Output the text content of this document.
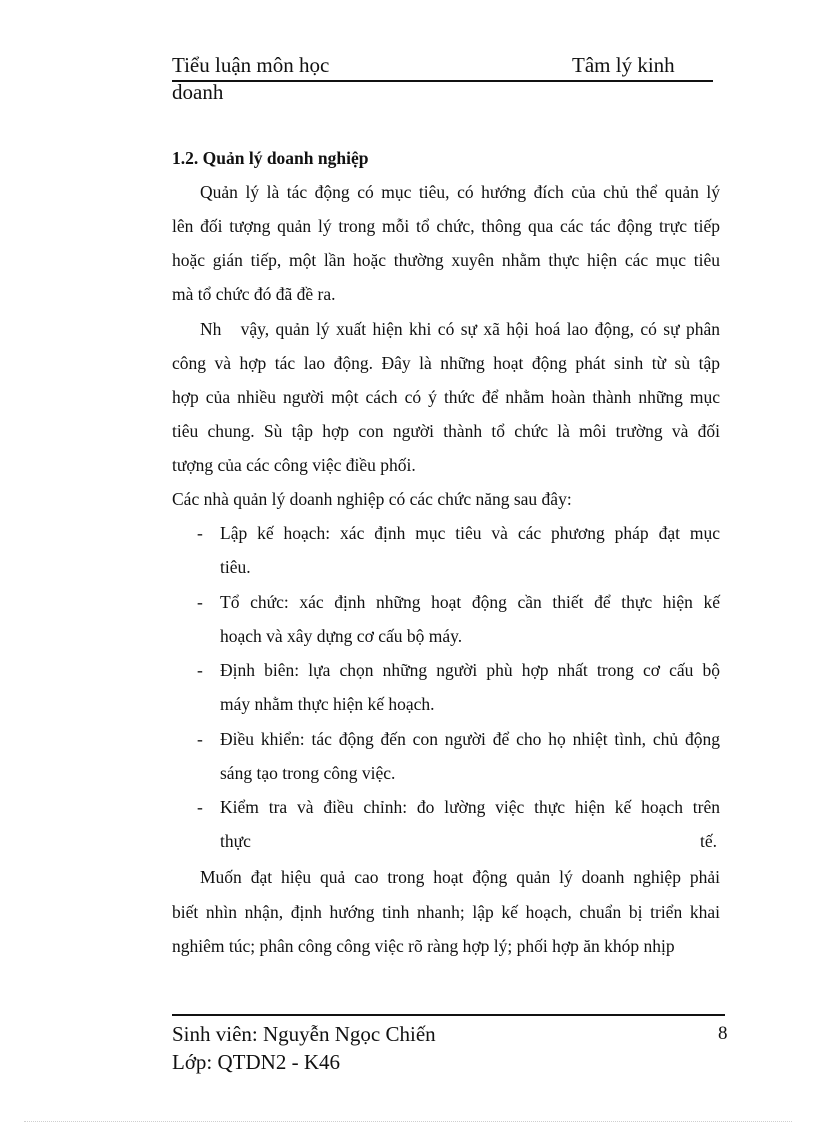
Tiểu luận môn học	Tâm lý kinh
doanh
1.2. Quản lý doanh nghiệp
Quản lý là tác động có mục tiêu, có hướng đích của chủ thể quản lý
lên đối tượng quản lý trong mỗi tổ chức, thông qua các tác động trực tiếp
hoặc gián tiếp, một lần hoặc thường xuyên nhằm thực hiện các mục tiêu
mà tổ chức đó đã đề ra.
Nh   vậy, quản lý xuất hiện khi có sự xã hội hoá lao động, có sự phân
công và hợp tác lao động. Đây là những hoạt động phát sinh từ sù tập
hợp của nhiều người một cách có ý thức để nhằm hoàn thành những mục
tiêu chung. Sù tập hợp con người thành tổ chức là môi trường và đối
tượng của các công việc điều phối.
Các nhà quản lý doanh nghiệp có các chức năng sau đây:
- Lập kế hoạch: xác định mục tiêu và các phương pháp đạt mục
tiêu.
- Tổ chức: xác định những hoạt động cần thiết để thực hiện kế
hoạch và xây dựng cơ cấu bộ máy.
- Định biên: lựa chọn những người phù hợp nhất trong cơ cấu bộ
máy nhằm thực hiện kế hoạch.
- Điều khiển: tác động đến con người để cho họ nhiệt tình, chủ động
sáng tạo trong công việc.
- Kiểm tra và điều chỉnh: đo lường việc thực hiện kế hoạch trên
thực	tế.
Muốn đạt hiệu quả cao trong hoạt động quản lý doanh nghiệp phải
biết nhìn nhận, định hướng tinh nhanh; lập kế hoạch, chuẩn bị triển khai
nghiêm túc; phân công công việc rõ ràng hợp lý; phối hợp ăn khóp nhịp
Sinh viên: Nguyễn Ngọc Chiến
Lớp: QTDN2 - K46
8
